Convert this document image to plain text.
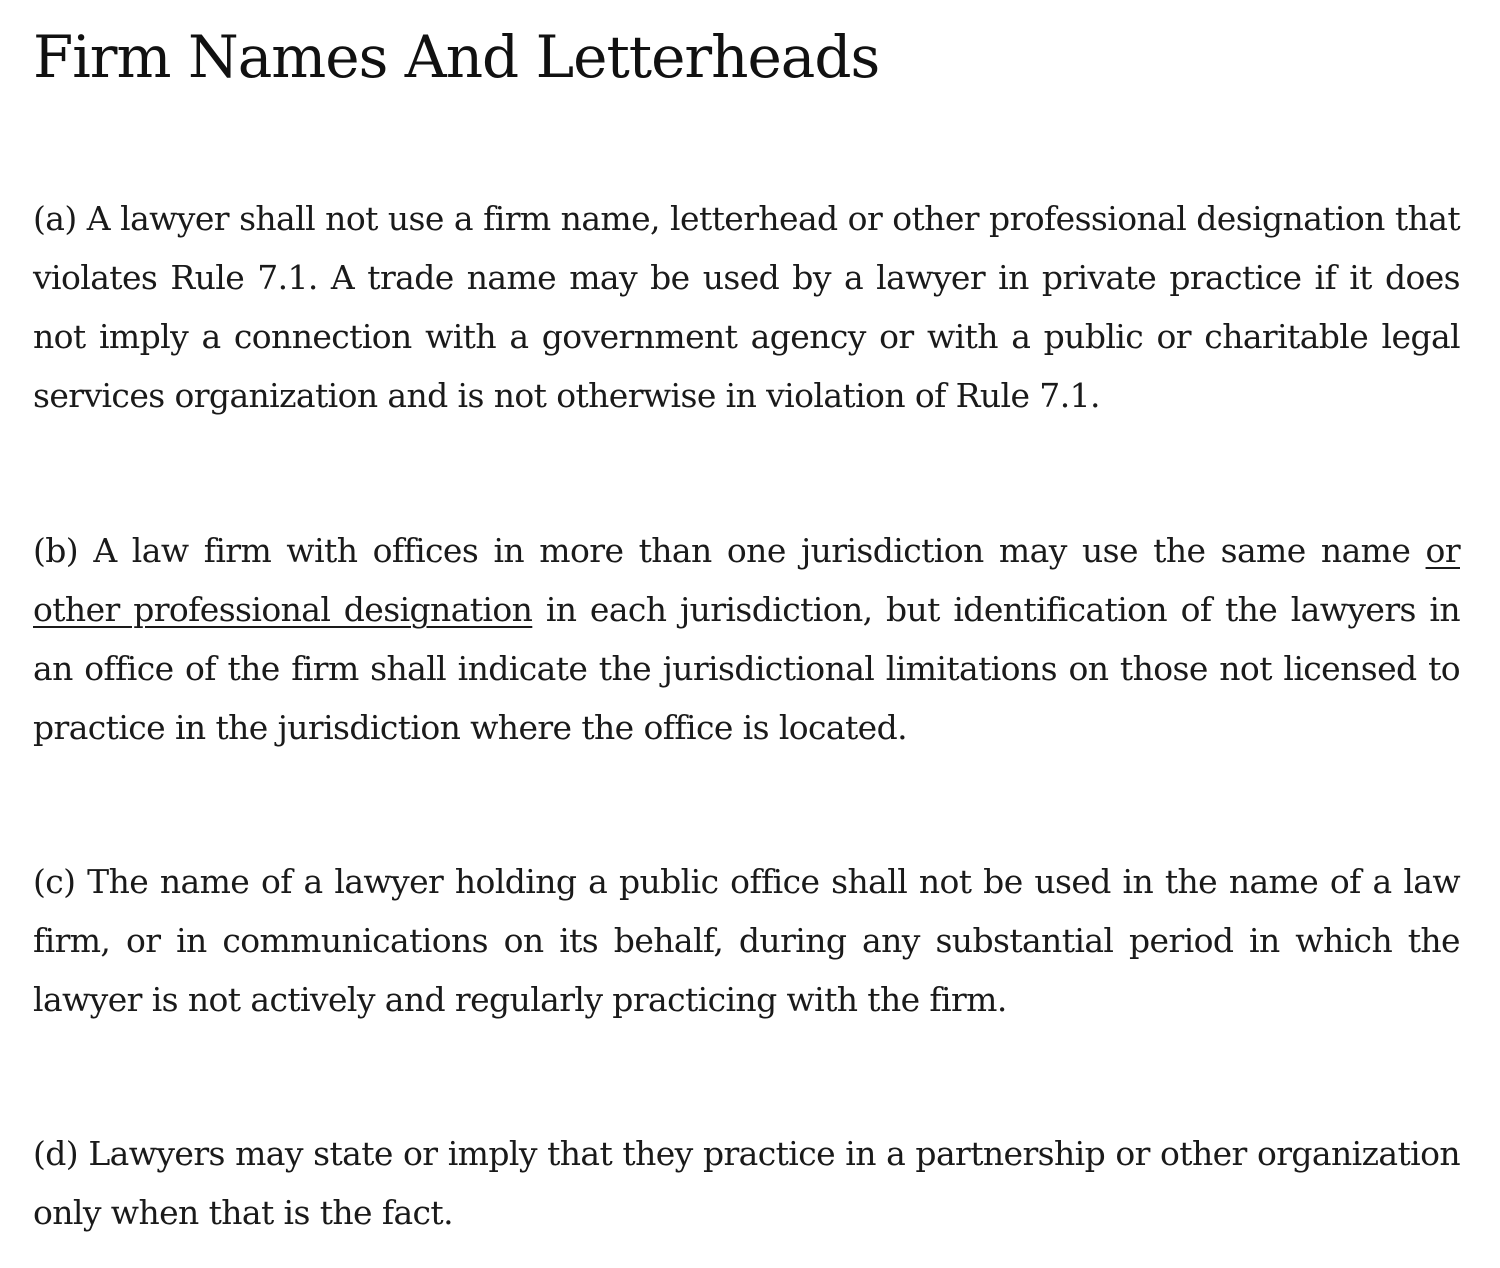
Firm Names And Letterheads

(a) A lawyer shall not use a firm name, letterhead or other professional designation that violates Rule 7.1. A trade name may be used by a lawyer in private practice if it does not imply a connection with a government agency or with a public or charitable legal services organization and is not otherwise in violation of Rule 7.1.

(b) A law firm with offices in more than one jurisdiction may use the same name or other professional designation in each jurisdiction, but identification of the lawyers in an office of the firm shall indicate the jurisdictional limitations on those not licensed to practice in the jurisdiction where the office is located.

(c) The name of a lawyer holding a public office shall not be used in the name of a law firm, or in communications on its behalf, during any substantial period in which the lawyer is not actively and regularly practicing with the firm.

(d) Lawyers may state or imply that they practice in a partnership or other organization only when that is the fact.
